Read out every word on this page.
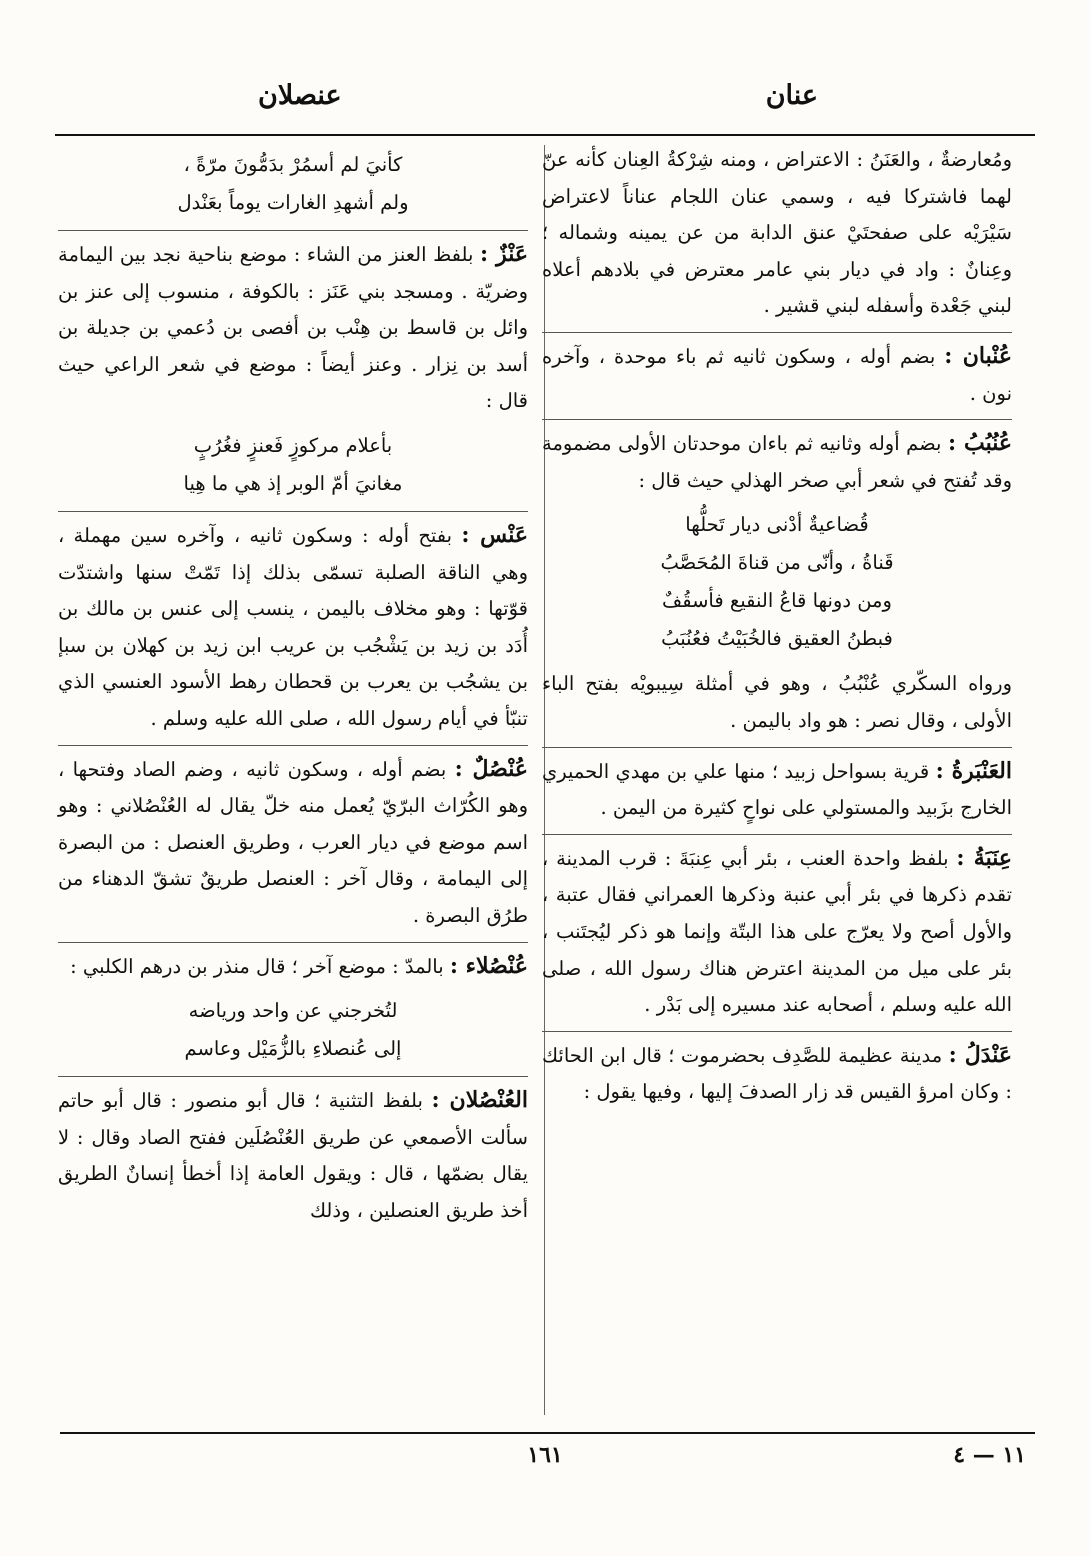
عنان
عنصلان

ومُعارضةٌ ، والعَنَنُ : الاعتراض ، ومنه شِرْكةُ العِنان كأنه عنّ لهما فاشتركا فيه ، وسمي عنان اللجام عناناً لاعتراض سَيْرَيْه على صفحتَيْ عنق الدابة من عن يمينه وشماله ؛ وعِنانٌ : واد في ديار بني عامر معترض في بلادهم أعلاه لبني جَعْدة وأسفله لبني قشير .

عُنْبان : بضم أوله ، وسكون ثانيه ثم باء موحدة ، وآخره نون .

عُنُبُبُ : بضم أوله وثانيه ثم باءان موحدتان الأولى مضمومة وقد تُفتح في شعر أبي صخر الهذلي حيث قال :

قُضاعيةٌ أدْنى ديار تَحلُّها
قَناةُ ، وأنّى من قناةَ المُحَصَّبُ
ومن دونها قاعُ النقيع فأسقُفٌ
فبطنُ العقيق فالخُبَيْتُ فعُنُبَبُ

ورواه السكّري عُنْبُبُ ، وهو في أمثلة سِيبويْه بفتح الباء الأولى ، وقال نصر : هو واد باليمن .

العَنْبَرةُ : قرية بسواحل زبيد ؛ منها علي بن مهدي الحميري الخارج بزَبيد والمستولي على نواحٍ كثيرة من اليمن .

عِنَبَةُ : بلفظ واحدة العنب ، بئر أبي عِنبَةَ : قرب المدينة ، تقدم ذكرها في بئر أبي عنبة وذكرها العمراني فقال عتبة ، والأول أصح ولا يعرّج على هذا البتّة وإنما هو ذكر ليُجتَنب ، بئر على ميل من المدينة اعترض هناك رسول الله ، صلى الله عليه وسلم ، أصحابه عند مسيره إلى بَدْر .

عَنْدَلُ : مدينة عظيمة للصَّدِف بحضرموت ؛ قال ابن الحائك : وكان امرؤ القيس قد زار الصدفَ إليها ، وفيها يقول :

كأنيَ لم أسمُرْ بدَمُّونَ مرّةً ،
ولم أشهدِ الغارات يوماً بعَنْدل

عَنْزٌ : بلفظ العنز من الشاء : موضع بناحية نجد بين اليمامة وضريّة . ومسجد بني عَنَز : بالكوفة ، منسوب إلى عنز بن وائل بن قاسط بن هِنْب بن أفصى بن دُعمي بن جديلة بن أسد بن نِزار . وعنز أيضاً : موضع في شعر الراعي حيث قال :

بأعلام مركوزٍ فَعنزٍ فغُرُبٍ
مغانيَ أمّ الوبر إذ هي ما هِيا

عَنْس : بفتح أوله : وسكون ثانيه ، وآخره سين مهملة ، وهي الناقة الصلبة تسمّى بذلك إذا تَمّتْ سنها واشتدّت قوّتها : وهو مخلاف باليمن ، ينسب إلى عنس بن مالك بن أُدَد بن زيد بن يَشْجُب بن عريب ابن زيد بن كهلان بن سبإ بن يشجُب بن يعرب بن قحطان رهط الأسود العنسي الذي تنبّأ في أيام رسول الله ، صلى الله عليه وسلم .

عُنْصُلٌ : بضم أوله ، وسكون ثانيه ، وضم الصاد وفتحها ، وهو الكُرّاث البرّيّ يُعمل منه خلّ يقال له العُنْصُلاني : وهو اسم موضع في ديار العرب ، وطريق العنصل : من البصرة إلى اليمامة ، وقال آخر : العنصل طريقٌ تشقّ الدهناء من طرُق البصرة .

عُنْصُلاء : بالمدّ : موضع آخر ؛ قال منذر بن درهم الكلبي :

لتُخرجني عن واحد ورياضه
إلى عُنصلاءِ بالزُّمَيْل وعاسم

العُنْصُلان : بلفظ التثنية ؛ قال أبو منصور : قال أبو حاتم سألت الأصمعي عن طريق العُنْصُلَين ففتح الصاد وقال : لا يقال بضمّها ، قال : ويقول العامة إذا أخطأ إنسانٌ الطريق أخذ طريق العنصلين ، وذلك

١٦١	١١ — ٤
